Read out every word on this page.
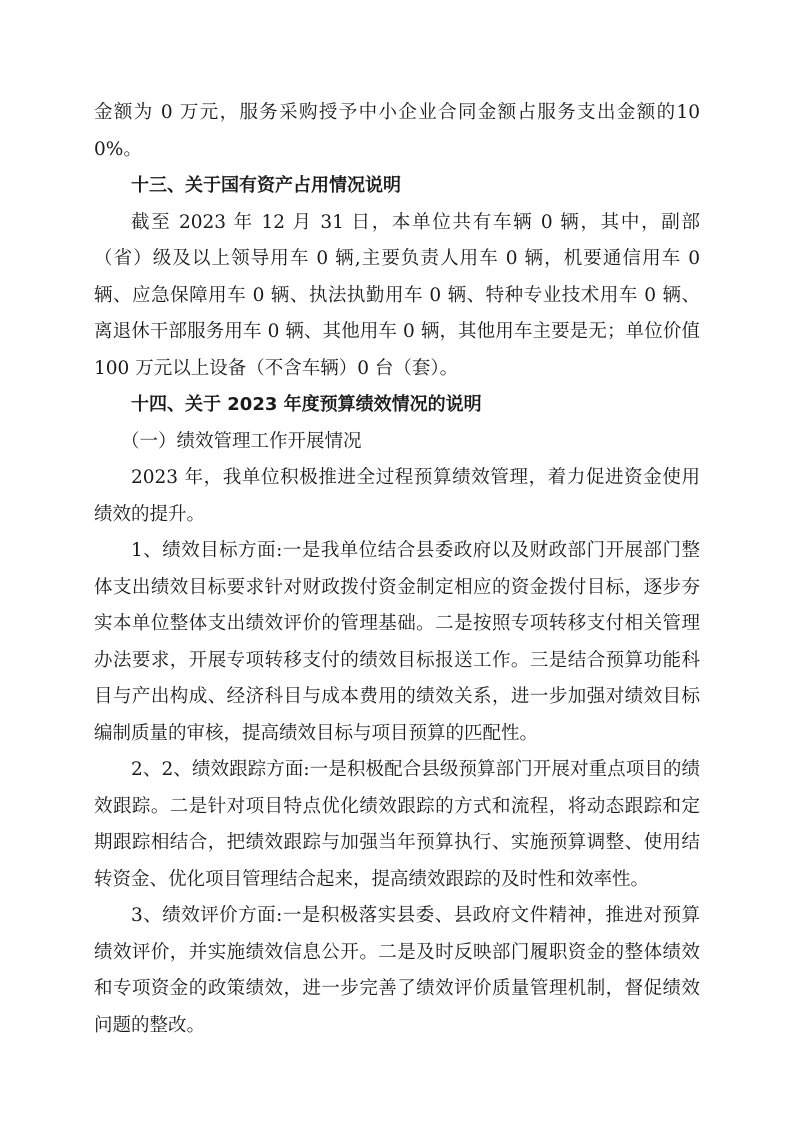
金额为 0 万元，服务采购授予中小企业合同金额占服务支出金额的100%。

十三、关于国有资产占用情况说明

截至 2023 年 12 月 31 日，本单位共有车辆 0 辆，其中，副部（省）级及以上领导用车 0 辆,主要负责人用车 0 辆，机要通信用车 0 辆、应急保障用车 0 辆、执法执勤用车 0 辆、特种专业技术用车 0 辆、离退休干部服务用车 0 辆、其他用车 0 辆，其他用车主要是无；单位价值 100 万元以上设备（不含车辆）0 台（套）。

十四、关于 2023 年度预算绩效情况的说明

（一）绩效管理工作开展情况

2023 年，我单位积极推进全过程预算绩效管理，着力促进资金使用绩效的提升。

1、绩效目标方面:一是我单位结合县委政府以及财政部门开展部门整体支出绩效目标要求针对财政拨付资金制定相应的资金拨付目标，逐步夯实本单位整体支出绩效评价的管理基础。二是按照专项转移支付相关管理办法要求，开展专项转移支付的绩效目标报送工作。三是结合预算功能科目与产出构成、经济科目与成本费用的绩效关系，进一步加强对绩效目标编制质量的审核，提高绩效目标与项目预算的匹配性。

2、2、绩效跟踪方面:一是积极配合县级预算部门开展对重点项目的绩效跟踪。二是针对项目特点优化绩效跟踪的方式和流程，将动态跟踪和定期跟踪相结合，把绩效跟踪与加强当年预算执行、实施预算调整、使用结转资金、优化项目管理结合起来，提高绩效跟踪的及时性和效率性。

3、绩效评价方面:一是积极落实县委、县政府文件精神，推进对预算绩效评价，并实施绩效信息公开。二是及时反映部门履职资金的整体绩效和专项资金的政策绩效，进一步完善了绩效评价质量管理机制，督促绩效问题的整改。
